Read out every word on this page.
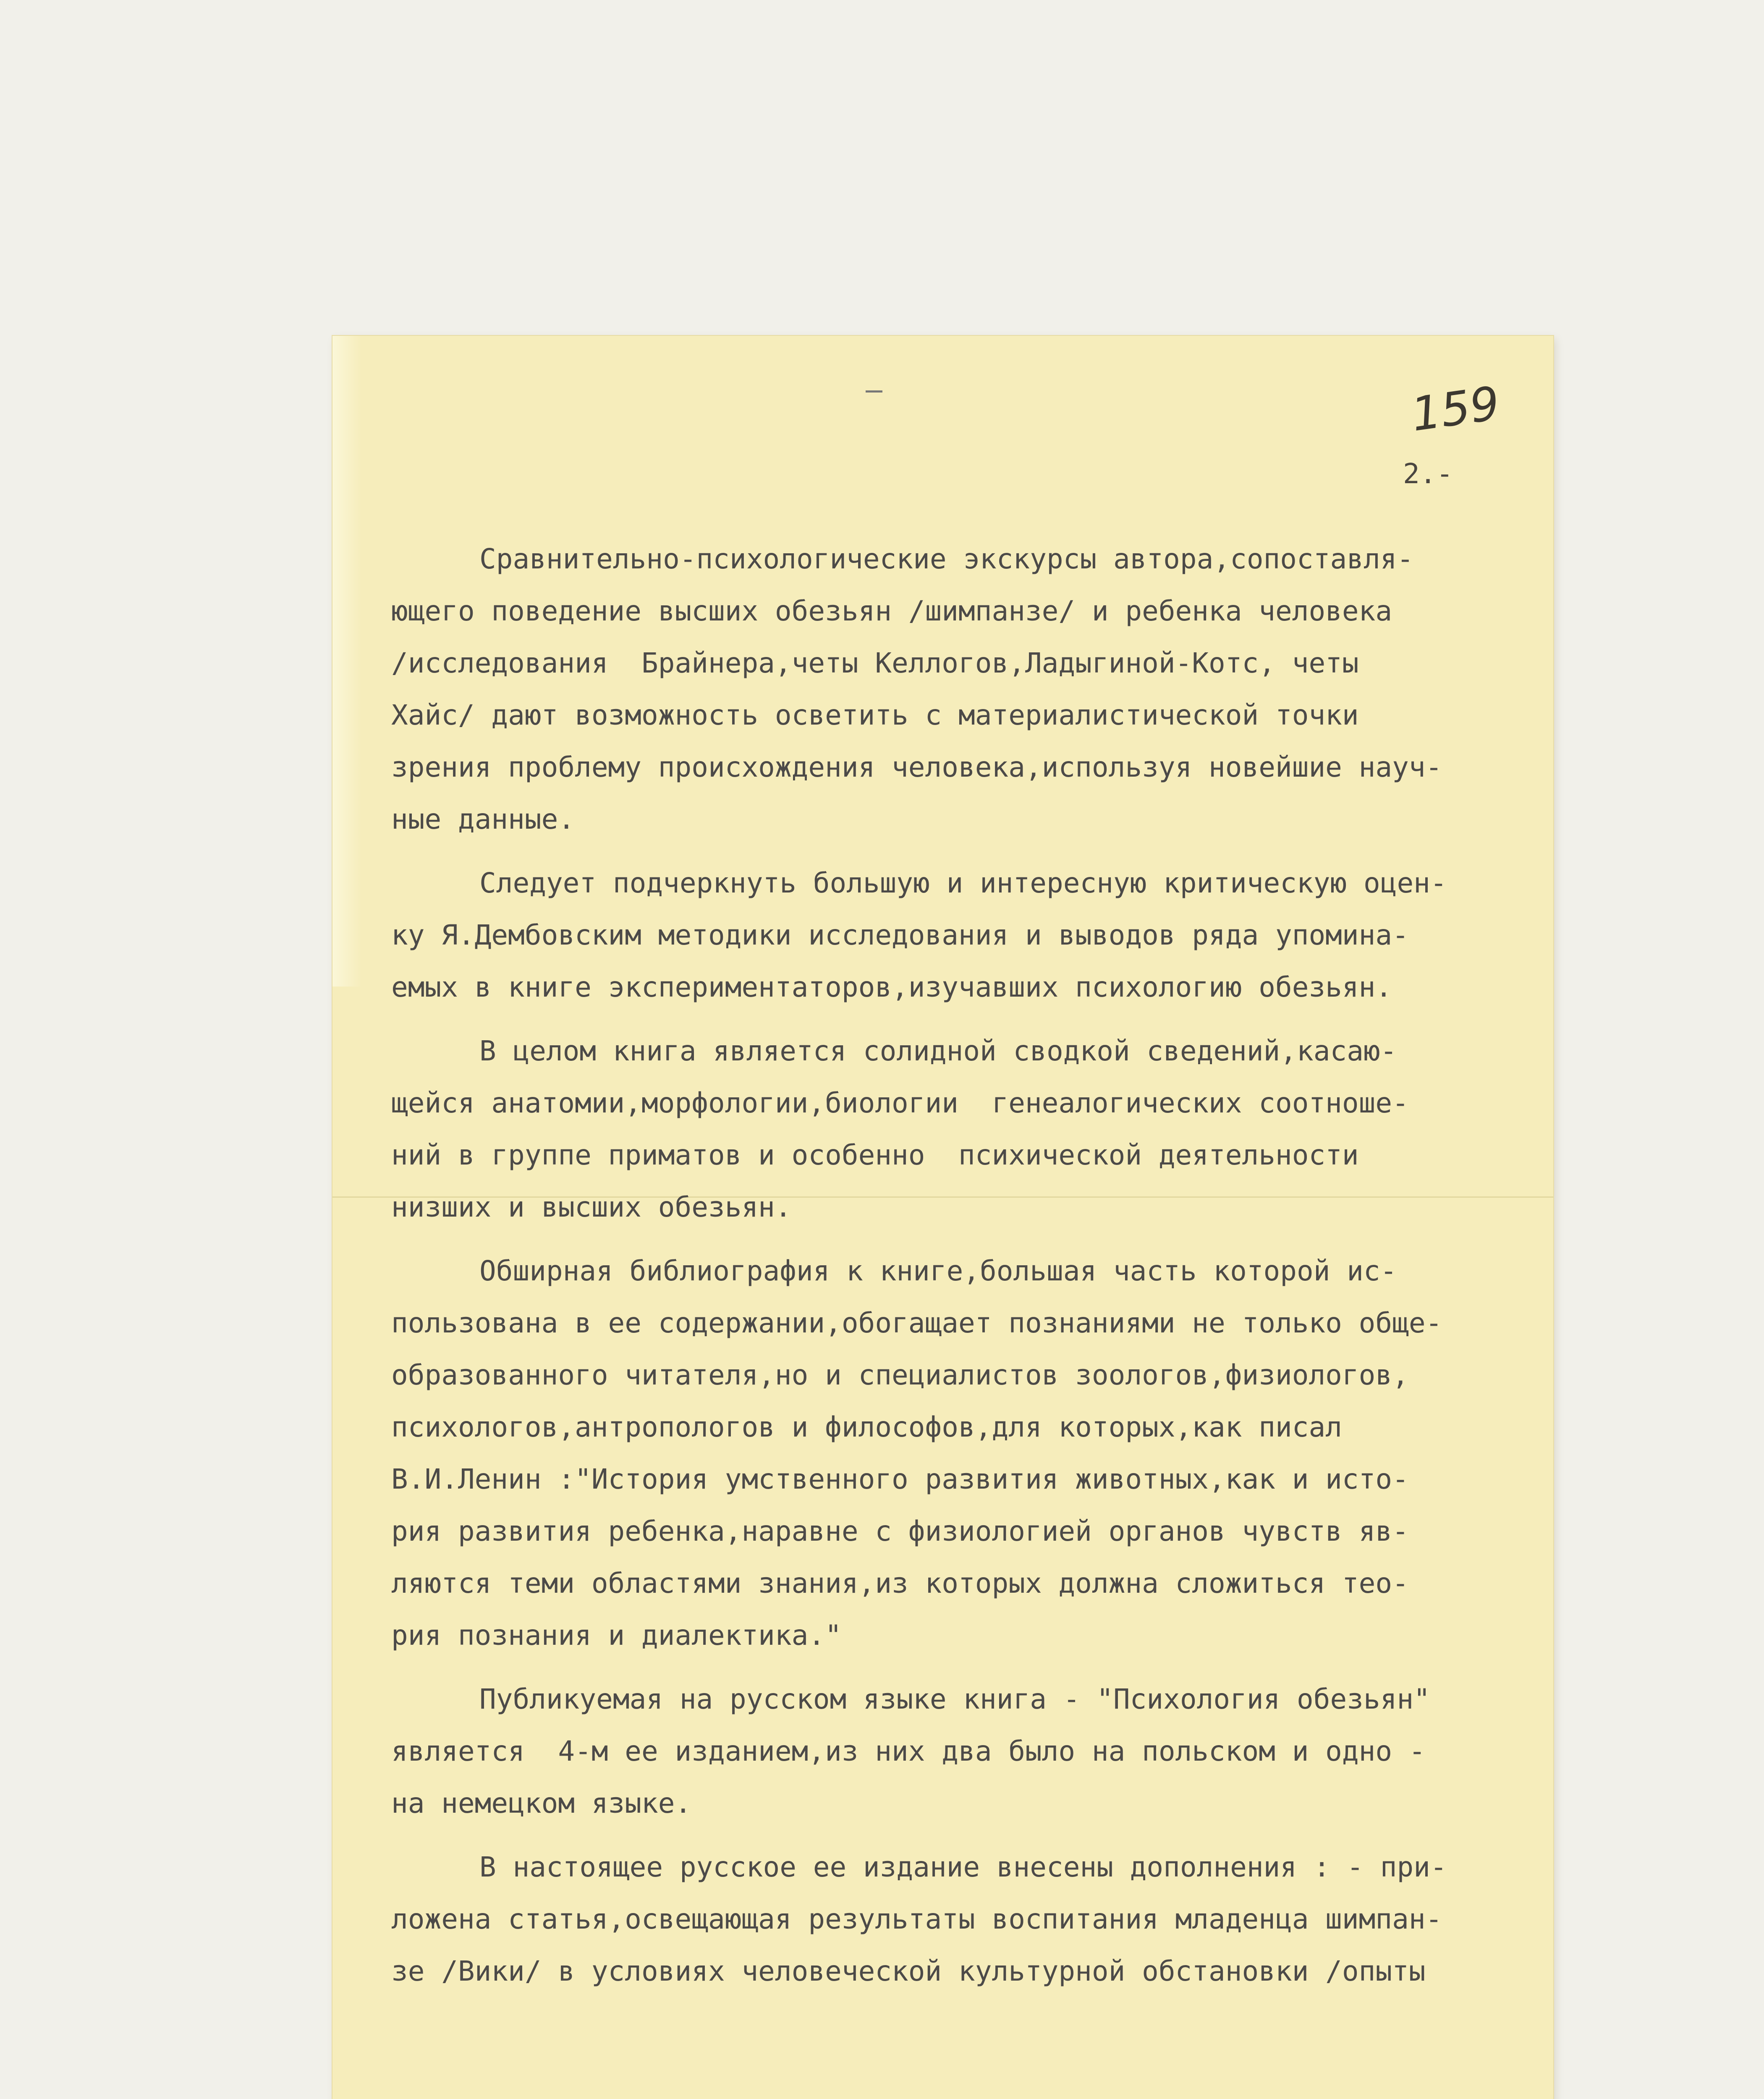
159
2.-
Сравнительно-психологические экскурсы автора,сопоставля-
ющего поведение высших обезьян /шимпанзе/ и ребенка человека
/исследования  Брайнера,четы Келлогов,Ладыгиной-Котс, четы
Хайс/ дают возможность осветить с материалистической точки
зрения проблему происхождения человека,используя новейшие науч-
ные данные.
Следует подчеркнуть большую и интересную критическую оцен-
ку Я.Дембовским методики исследования и выводов ряда упомина-
емых в книге экспериментаторов,изучавших психологию обезьян.
В целом книга является солидной сводкой сведений,касаю-
щейся анатомии,морфологии,биологии  генеалогических соотноше-
ний в группе приматов и особенно  психической деятельности
низших и высших обезьян.
Обширная библиография к книге,большая часть которой ис-
пользована в ее содержании,обогащает познаниями не только обще-
образованного читателя,но и специалистов зоологов,физиологов,
психологов,антропологов и философов,для которых,как писал
В.И.Ленин :"История умственного развития животных,как и исто-
рия развития ребенка,наравне с физиологией органов чувств яв-
ляются теми областями знания,из которых должна сложиться тео-
рия познания и диалектика."
Публикуемая на русском языке книга - "Психология обезьян"
является  4-м ее изданием,из них два было на польском и одно -
на немецком языке.
В настоящее русское ее издание внесены дополнения : - при-
ложена статья,освещающая результаты воспитания младенца шимпан-
зе /Вики/ в условиях человеческой культурной обстановки /опыты
